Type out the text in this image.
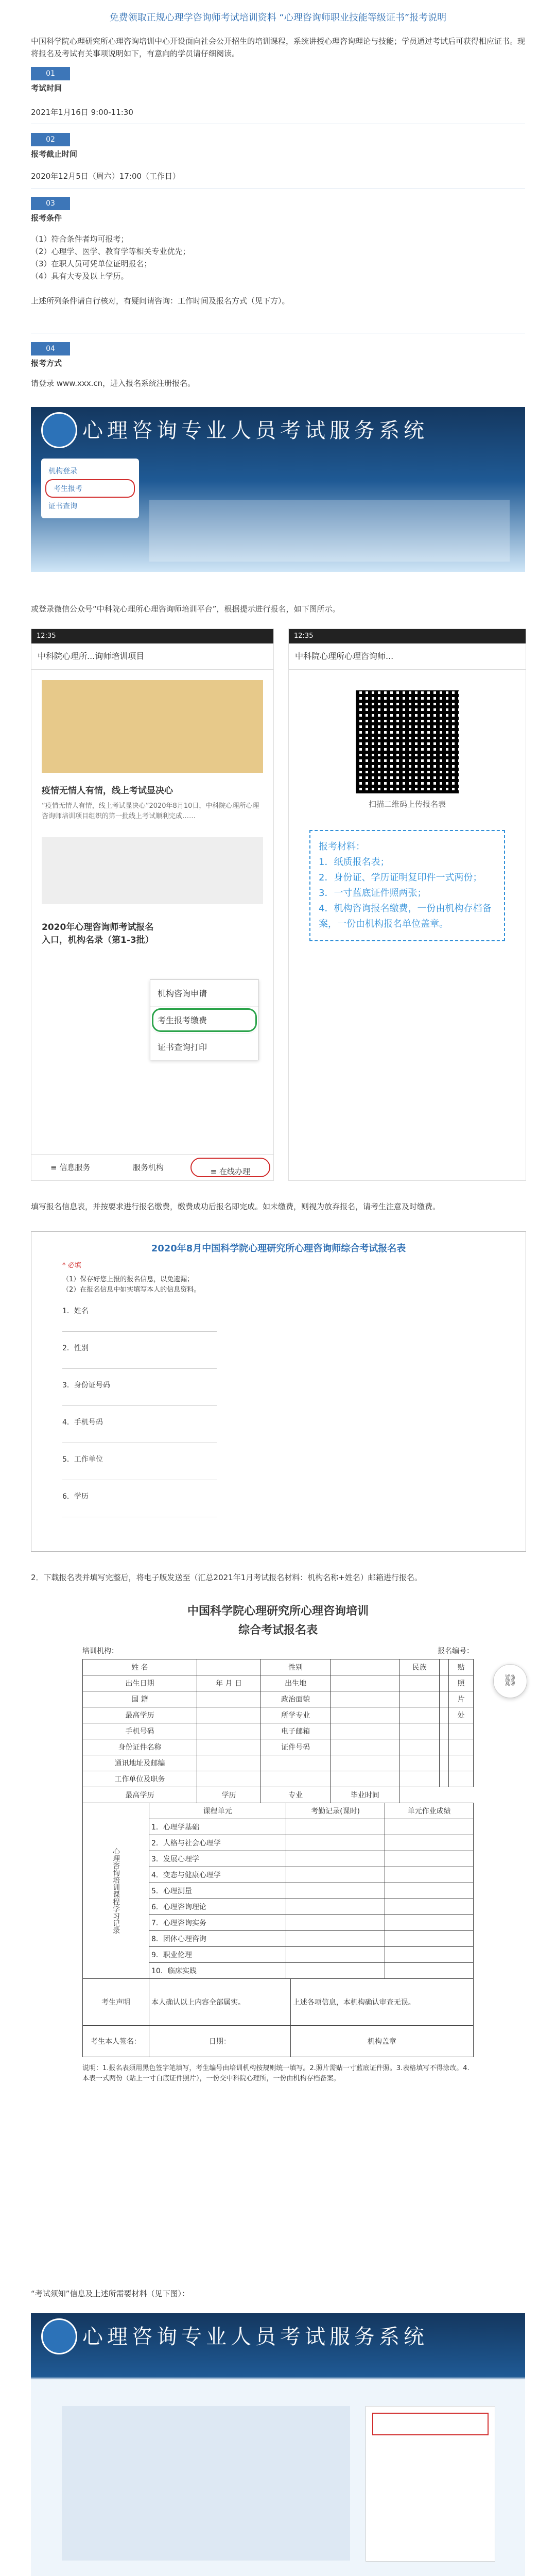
免费领取正规心理学咨询师考试培训资料 “心理咨询师职业技能等级证书”报考说明
中国科学院心理研究所心理咨询培训中心开设面向社会公开招生的培训课程，系统讲授心理咨询理论与技能；学员通过考试后可获得相应证书。现将报名及考试有关事项说明如下，有意向的学员请仔细阅读。
01
考试时间
2021年1月16日 9:00-11:30
02
报考截止时间
2020年12月5日（周六）17:00（工作日）
03
报考条件
（1）符合条件者均可报考；
（2）心理学、医学、教育学等相关专业优先；
（3）在职人员可凭单位证明报名；
（4）具有大专及以上学历。

上述所列条件请自行核对，有疑问请咨询：工作时间及报名方式（见下方）。
04
报考方式
请登录 www.xxx.cn，进入报名系统注册报名。
心理咨询专业人员考试服务系统
机构登录
考生报考
证书查询
或登录微信公众号“中科院心理所心理咨询师培训平台”，根据提示进行报名，如下图所示。
12:35
中科院心理所...询师培训项目
疫情无情人有情，线上考试显决心
“疫情无情人有情，线上考试显决心”2020年8月10日，中科院心理所心理咨询师培训项目组织的第一批线上考试顺利完成……
2020年心理咨询师考试报名入口，机构名录（第1-3批）
机构咨询申请
考生报考缴费
证书查询打印
≡ 信息服务	服务机构	≡ 在线办理
12:35
中科院心理所心理咨询师...
扫描二维码上传报名表
报考材料：
1．纸质报名表；
2．身份证、学历证明复印件一式两份；
3．一寸蓝底证件照两张；
4．机构咨询报名缴费，一份由机构存档备案，一份由机构报名单位盖章。
填写报名信息表，并按要求进行报名缴费，缴费成功后报名即完成。如未缴费，则视为放弃报名，请考生注意及时缴费。
2020年8月中国科学院心理研究所心理咨询师综合考试报名表
* 必填
（1）保存好您上报的报名信息，以免遗漏；
（2）在报名信息中如实填写本人的信息资料。
1．姓名
2．性别
3．身份证号码
4．手机号码
5．工作单位
6．学历
2．下载报名表并填写完整后，将电子版发送至（汇总2021年1月考试报名材料：机构名称+姓名）邮箱进行报名。
中国科学院心理研究所心理咨询培训
综合考试报名表
培训机构：	报名编号：
姓 名		性别		民族		贴
出生日期	年 月 日	出生地				照
国 籍		政治面貌				片
最高学历		所学专业				处
手机号码		电子邮箱				
身份证件名称		证件号码				
通讯地址及邮编						
工作单位及职务						
最高学历	学历	专业	毕业时间			
心理咨询培训课程学习记录	课程单元	考勤记录(课时)	单元作业成绩
	1．心理学基础		
	2．人格与社会心理学		
	3．发展心理学		
	4．变态与健康心理学		
	5．心理测量		
	6．心理咨询理论		
	7．心理咨询实务		
	8．团体心理咨询		
	9．职业伦理		
	10．临床实践		
考生声明	本人确认以上内容全部属实。	上述各项信息，本机构确认审查无误。
考生本人签名：	日期：	机构盖章
说明：1.报名表须用黑色签字笔填写，考生编号由培训机构按规则统一填写。2.照片需贴一寸蓝底证件照。3.表格填写不得涂改。4.本表一式两份（贴上一寸白底证件照片），一份交中科院心理所，一份由机构存档备案。
⛓
“考试须知”信息及上述所需要材料（见下图）：
心理咨询专业人员考试服务系统
